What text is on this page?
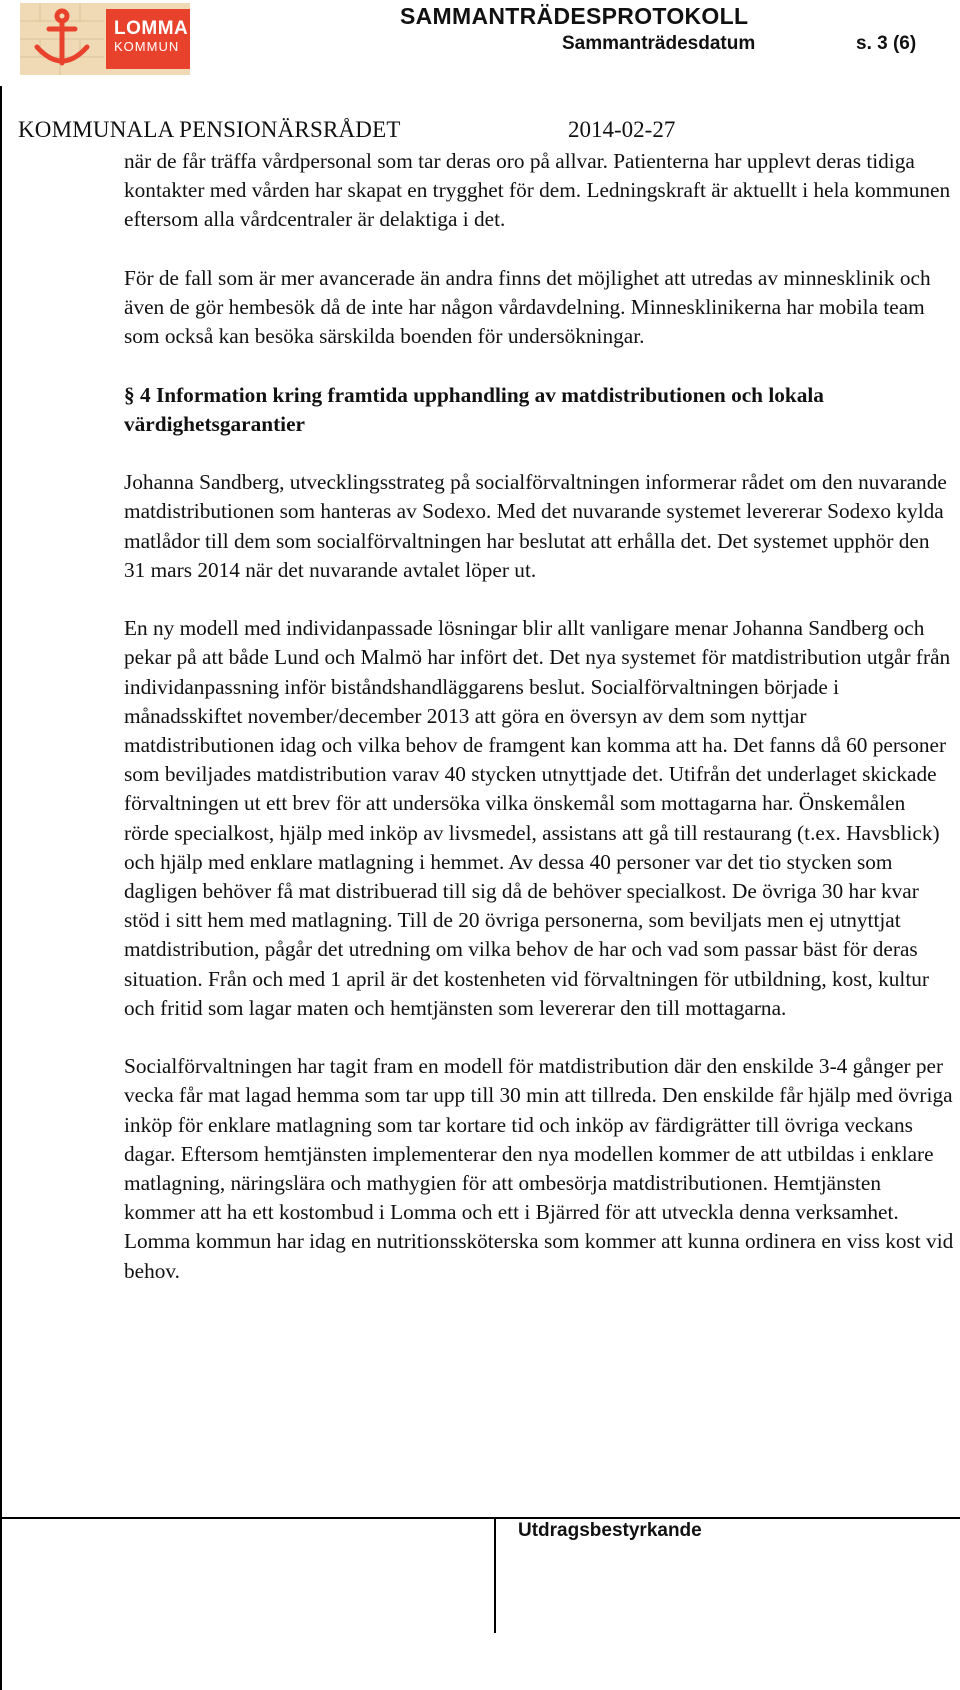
LOMMA
KOMMUN
SAMMANTRÄDESPROTOKOLL
Sammanträdesdatum	s. 3 (6)
KOMMUNALA PENSIONÄRSRÅDET	2014-02-27

när de får träffa vårdpersonal som tar deras oro på allvar. Patienterna har upplevt deras tidiga kontakter med vården har skapat en trygghet för dem. Ledningskraft är aktuellt i hela kommunen eftersom alla vårdcentraler är delaktiga i det.

För de fall som är mer avancerade än andra finns det möjlighet att utredas av minnesklinik och även de gör hembesök då de inte har någon vårdavdelning. Minnesklinikerna har mobila team som också kan besöka särskilda boenden för undersökningar.

§ 4 Information kring framtida upphandling av matdistributionen och lokala värdighetsgarantier

Johanna Sandberg, utvecklingsstrateg på socialförvaltningen informerar rådet om den nuvarande matdistributionen som hanteras av Sodexo. Med det nuvarande systemet levererar Sodexo kylda matlådor till dem som socialförvaltningen har beslutat att erhålla det. Det systemet upphör den 31 mars 2014 när det nuvarande avtalet löper ut.

En ny modell med individanpassade lösningar blir allt vanligare menar Johanna Sandberg och pekar på att både Lund och Malmö har infört det. Det nya systemet för matdistribution utgår från individanpassning inför biståndshandläggarens beslut. Socialförvaltningen började i månadsskiftet november/december 2013 att göra en översyn av dem som nyttjar matdistributionen idag och vilka behov de framgent kan komma att ha. Det fanns då 60 personer som beviljades matdistribution varav 40 stycken utnyttjade det. Utifrån det underlaget skickade förvaltningen ut ett brev för att undersöka vilka önskemål som mottagarna har. Önskemålen rörde specialkost, hjälp med inköp av livsmedel, assistans att gå till restaurang (t.ex. Havsblick) och hjälp med enklare matlagning i hemmet. Av dessa 40 personer var det tio stycken som dagligen behöver få mat distribuerad till sig då de behöver specialkost. De övriga 30 har kvar stöd i sitt hem med matlagning. Till de 20 övriga personerna, som beviljats men ej utnyttjat matdistribution, pågår det utredning om vilka behov de har och vad som passar bäst för deras situation. Från och med 1 april är det kostenheten vid förvaltningen för utbildning, kost, kultur och fritid som lagar maten och hemtjänsten som levererar den till mottagarna.

Socialförvaltningen har tagit fram en modell för matdistribution där den enskilde 3-4 gånger per vecka får mat lagad hemma som tar upp till 30 min att tillreda. Den enskilde får hjälp med övriga inköp för enklare matlagning som tar kortare tid och inköp av färdigrätter till övriga veckans dagar. Eftersom hemtjänsten implementerar den nya modellen kommer de att utbildas i enklare matlagning, näringslära och mathygien för att ombesörja matdistributionen. Hemtjänsten kommer att ha ett kostombud i Lomma och ett i Bjärred för att utveckla denna verksamhet. Lomma kommun har idag en nutritionssköterska som kommer att kunna ordinera en viss kost vid behov.

Utdragsbestyrkande
